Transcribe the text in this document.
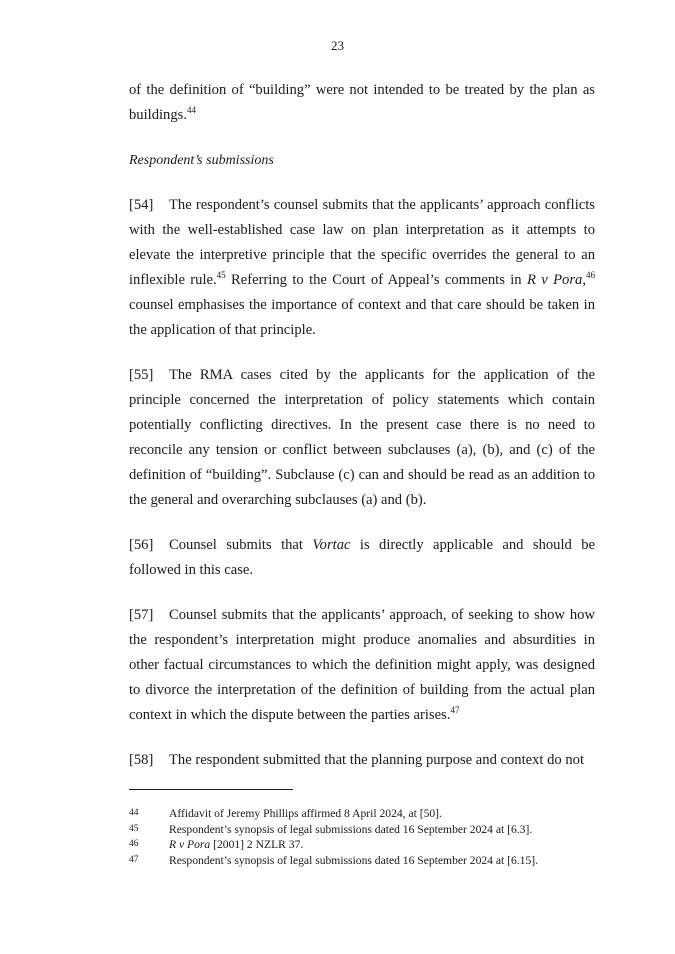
23

of the definition of “building” were not intended to be treated by the plan as buildings.$^{44}$

Respondent’s submissions

[54] The respondent’s counsel submits that the applicants’ approach conflicts with the well-established case law on plan interpretation as it attempts to elevate the interpretive principle that the specific overrides the general to an inflexible rule.$^{45}$ Referring to the Court of Appeal’s comments in R v Pora,$^{46}$ counsel emphasises the importance of context and that care should be taken in the application of that principle.

[55] The RMA cases cited by the applicants for the application of the principle concerned the interpretation of policy statements which contain potentially conflicting directives. In the present case there is no need to reconcile any tension or conflict between subclauses (a), (b), and (c) of the definition of “building”. Subclause (c) can and should be read as an addition to the general and overarching subclauses (a) and (b).

[56] Counsel submits that Vortac is directly applicable and should be followed in this case.

[57] Counsel submits that the applicants’ approach, of seeking to show how the respondent’s interpretation might produce anomalies and absurdities in other factual circumstances to which the definition might apply, was designed to divorce the interpretation of the definition of building from the actual plan context in which the dispute between the parties arises.$^{47}$

[58] The respondent submitted that the planning purpose and context do not

44	Affidavit of Jeremy Phillips affirmed 8 April 2024, at [50].
45	Respondent’s synopsis of legal submissions dated 16 September 2024 at [6.3].
46	R v Pora [2001] 2 NZLR 37.
47	Respondent’s synopsis of legal submissions dated 16 September 2024 at [6.15].
